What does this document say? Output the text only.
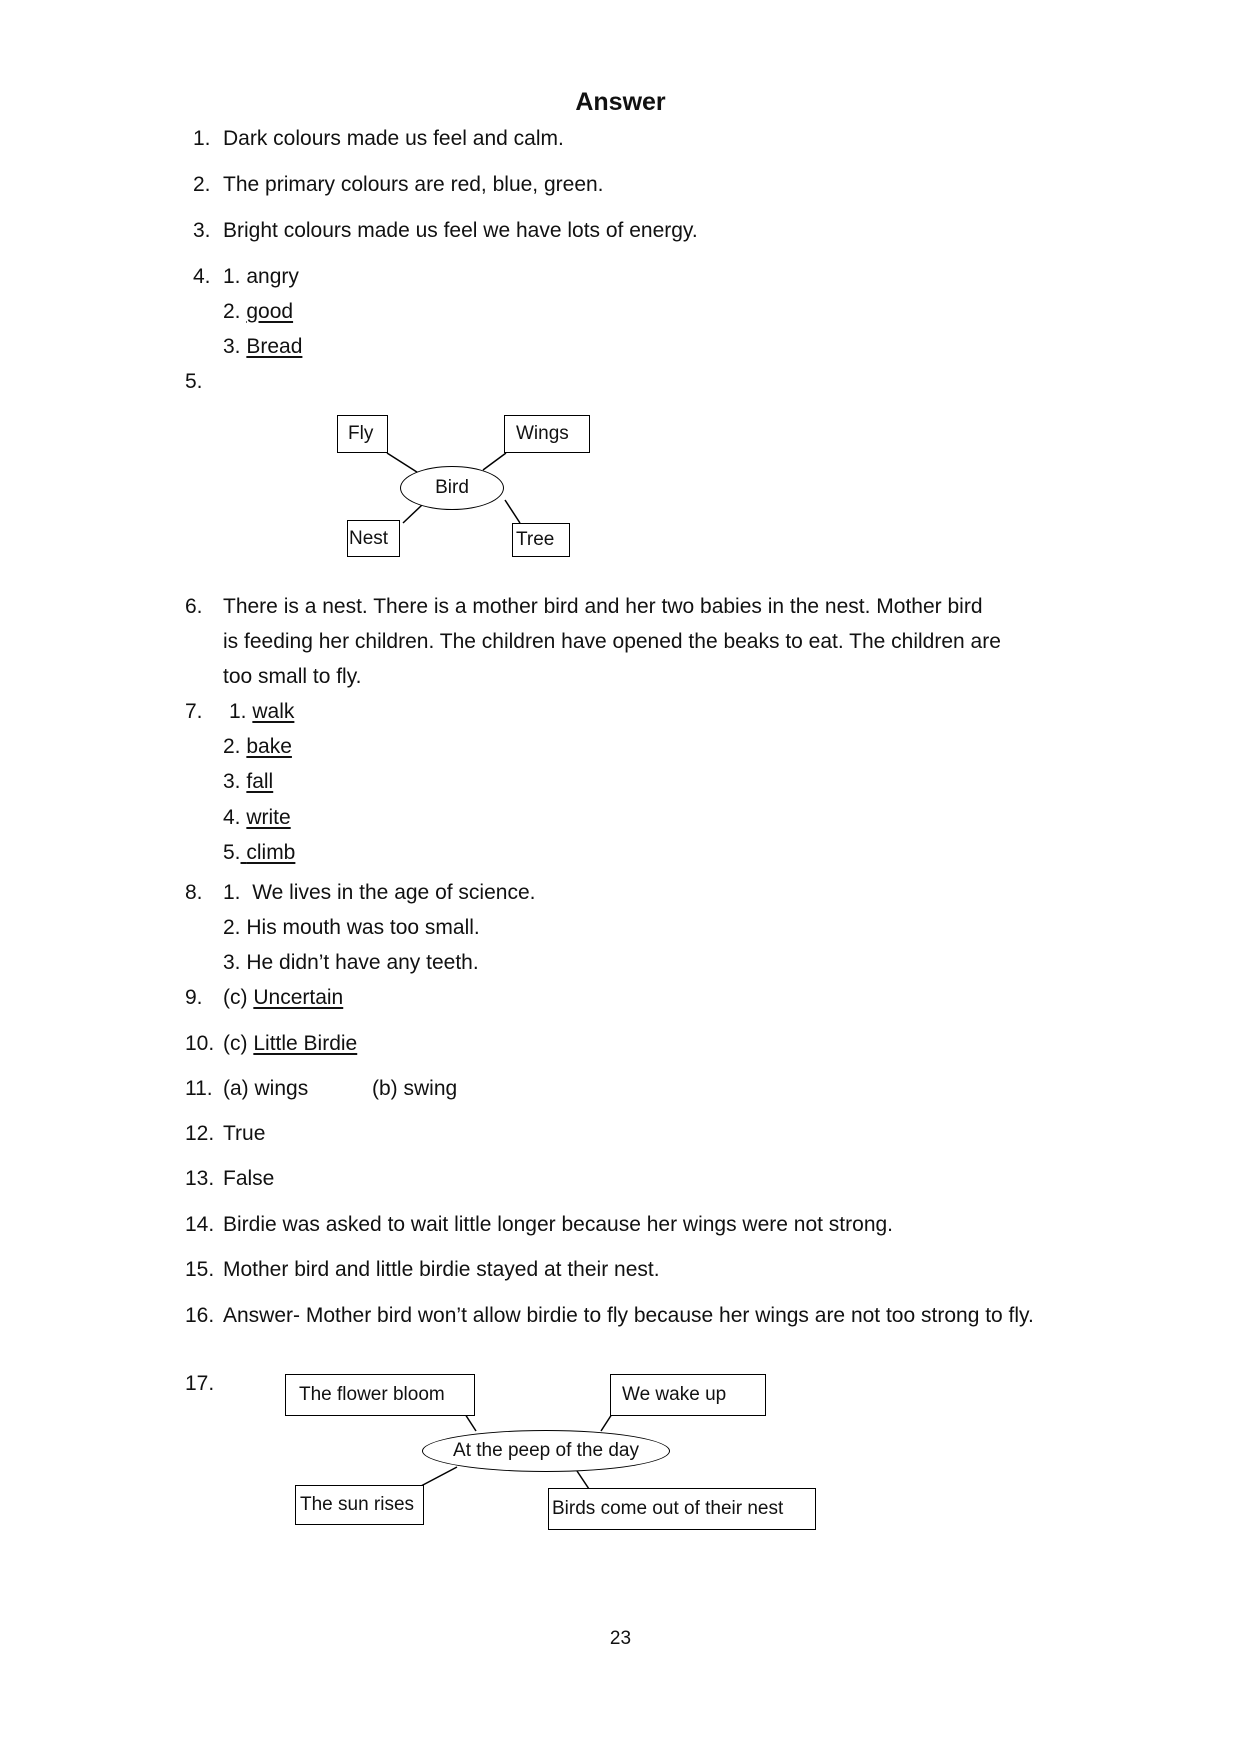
Answer
1. Dark colours made us feel and calm.
2. The primary colours are red, blue, green.
3. Bright colours made us feel we have lots of energy.
4. 1. angry
2. good
3. Bread
5.
Fly	Wings
Bird
Nest	Tree
6. There is a nest. There is a mother bird and her two babies in the nest. Mother bird
is feeding her children. The children have opened the beaks to eat. The children are
too small to fly.
7. 1. walk
2. bake
3. fall
4. write
5. climb
8. 1. We lives in the age of science.
2. His mouth was too small.
3. He didn’t have any teeth.
9. (c) Uncertain
10. (c) Little Birdie
11. (a) wings	(b) swing
12. True
13. False
14. Birdie was asked to wait little longer because her wings were not strong.
15. Mother bird and little birdie stayed at their nest.
16. Answer- Mother bird won’t allow birdie to fly because her wings are not too strong to fly.
17.	The flower bloom	We wake up
At the peep of the day
The sun rises	Birds come out of their nest
23
